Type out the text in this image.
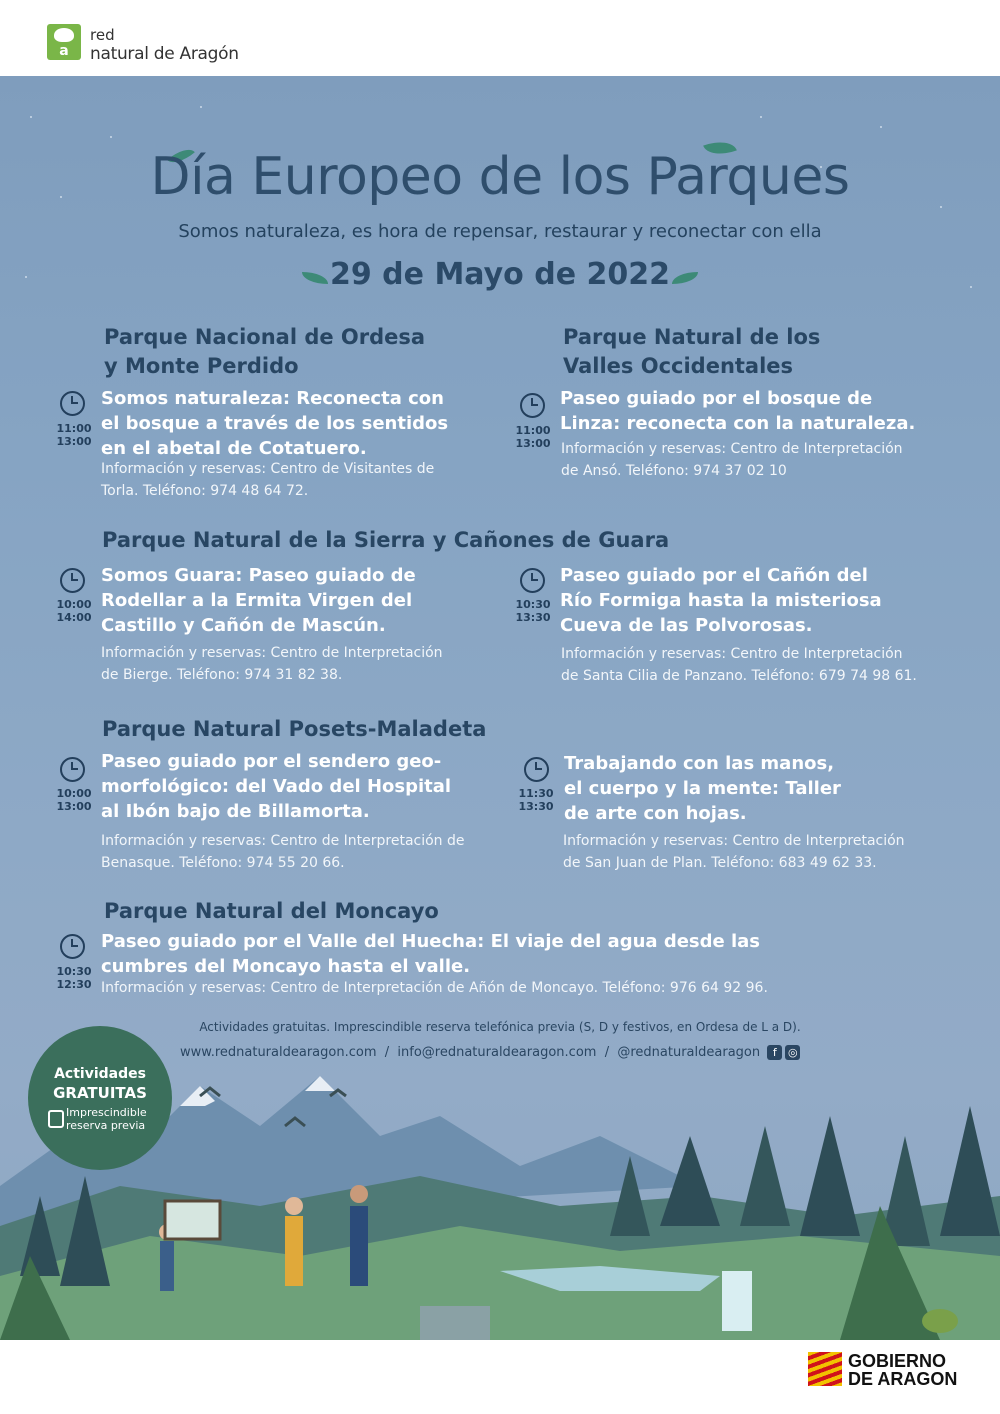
a
red
natural de Aragón
Día Europeo de los Parques
Somos naturaleza, es hora de repensar, restaurar y reconectar con ella
29 de Mayo de 2022
Parque Nacional de Ordesa
y Monte Perdido
11:00
13:00
Somos naturaleza: Reconecta con
el bosque a través de los sentidos
en el abetal de Cotatuero.
Información y reservas: Centro de Visitantes de
Torla. Teléfono: 974 48 64 72.
Parque Natural de los
Valles Occidentales
11:00
13:00
Paseo guiado por el bosque de
Linza: reconecta con la naturaleza.
Información y reservas: Centro de Interpretación
de Ansó. Teléfono: 974 37 02 10
Parque Natural de la Sierra y Cañones de Guara
10:00
14:00
Somos Guara: Paseo guiado de
Rodellar a la Ermita Virgen del
Castillo y Cañón de Mascún.
Información y reservas: Centro de Interpretación
de Bierge. Teléfono: 974 31 82 38.
10:30
13:30
Paseo guiado por el Cañón del
Río Formiga hasta la misteriosa
Cueva de las Polvorosas.
Información y reservas: Centro de Interpretación
de Santa Cilia de Panzano. Teléfono: 679 74 98 61.
Parque Natural Posets-Maladeta
10:00
13:00
Paseo guiado por el sendero geo-
morfológico: del Vado del Hospital
al Ibón bajo de Billamorta.
Información y reservas: Centro de Interpretación de
Benasque. Teléfono: 974 55 20 66.
11:30
13:30
Trabajando con las manos,
el cuerpo y la mente: Taller
de arte con hojas.
Información y reservas: Centro de Interpretación
de San Juan de Plan. Teléfono: 683 49 62 33.
Parque Natural del Moncayo
10:30
12:30
Paseo guiado por el Valle del Huecha: El viaje del agua desde las
cumbres del Moncayo hasta el valle.
Información y reservas: Centro de Interpretación de Añón de Moncayo. Teléfono: 976 64 92 96.
Actividades gratuitas. Imprescindible reserva telefónica previa (S, D y festivos, en Ordesa de L a D).
www.rednaturaldearagon.com / info@rednaturaldearagon.com / @rednaturaldearagon f ◎
Actividades
GRATUITAS
Imprescindible
reserva previa
GOBIERNO
DE ARAGON
